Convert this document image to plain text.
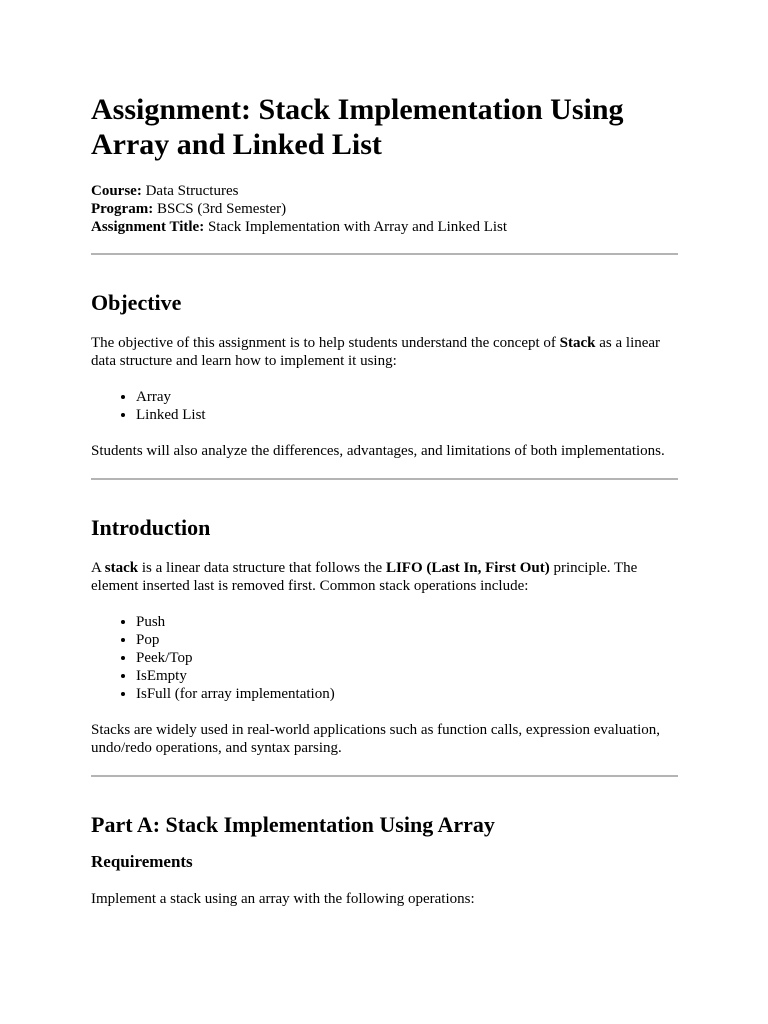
Assignment: Stack Implementation Using Array and Linked List

Course: Data Structures

Program: BSCS (3rd Semester)

Assignment Title: Stack Implementation with Array and Linked List

Objective

The objective of this assignment is to help students understand the concept of Stack as a linear data structure and learn how to implement it using:

• Array
• Linked List

Students will also analyze the differences, advantages, and limitations of both implementations.

Introduction

A stack is a linear data structure that follows the LIFO (Last In, First Out) principle. The element inserted last is removed first. Common stack operations include:

• Push
• Pop
• Peek/Top
• IsEmpty
• IsFull (for array implementation)

Stacks are widely used in real-world applications such as function calls, expression evaluation, undo/redo operations, and syntax parsing.

Part A: Stack Implementation Using Array
Requirements

Implement a stack using an array with the following operations:
